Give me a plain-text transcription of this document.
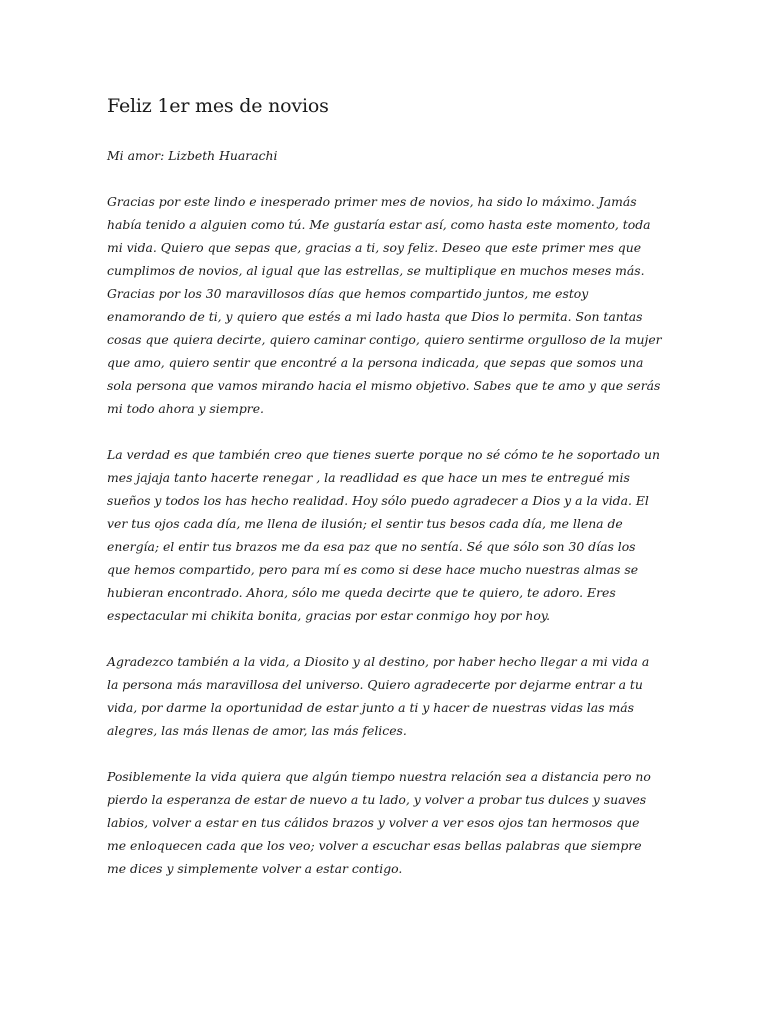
Feliz 1er mes de novios

Mi amor: Lizbeth Huarachi

Gracias por este lindo e inesperado primer mes de novios, ha sido lo máximo. Jamás había tenido a alguien como tú. Me gustaría estar así, como hasta este momento, toda mi vida. Quiero que sepas que, gracias a ti, soy feliz. Deseo que este primer mes que cumplimos de novios, al igual que las estrellas, se multiplique en muchos meses más. Gracias por los 30 maravillosos días que hemos compartido juntos, me estoy enamorando de ti, y quiero que estés a mi lado hasta que Dios lo permita. Son tantas cosas que quiera decirte, quiero caminar contigo, quiero sentirme orgulloso de la mujer que amo, quiero sentir que encontré a la persona indicada, que sepas que somos una sola persona que vamos mirando hacia el mismo objetivo. Sabes que te amo y que serás mi todo ahora y siempre.

La verdad es que también creo que tienes suerte porque no sé cómo te he soportado un mes jajaja tanto hacerte renegar , la readlidad es que hace un mes te entregué mis sueños y todos los has hecho realidad. Hoy sólo puedo agradecer a Dios y a la vida. El ver tus ojos cada día, me llena de ilusión; el sentir tus besos cada día, me llena de energía; el entir tus brazos me da esa paz que no sentía. Sé que sólo son 30 días los que hemos compartido, pero para mí es como si dese hace mucho nuestras almas se hubieran encontrado. Ahora, sólo me queda decirte que te quiero, te adoro. Eres espectacular mi chikita bonita, gracias por estar conmigo hoy por hoy.

Agradezco también a la vida, a Diosito y al destino, por haber hecho llegar a mi vida a la persona más maravillosa del universo. Quiero agradecerte por dejarme entrar a tu vida, por darme la oportunidad de estar junto a ti y hacer de nuestras vidas las más alegres, las más llenas de amor, las más felices.

Posiblemente la vida quiera que algún tiempo nuestra relación sea a distancia pero no pierdo la esperanza de estar de nuevo a tu lado, y volver a probar tus dulces y suaves labios, volver a estar en tus cálidos brazos y volver a ver esos ojos tan hermosos que me enloquecen cada que los veo; volver a escuchar esas bellas palabras que siempre me dices y simplemente volver a estar contigo.
